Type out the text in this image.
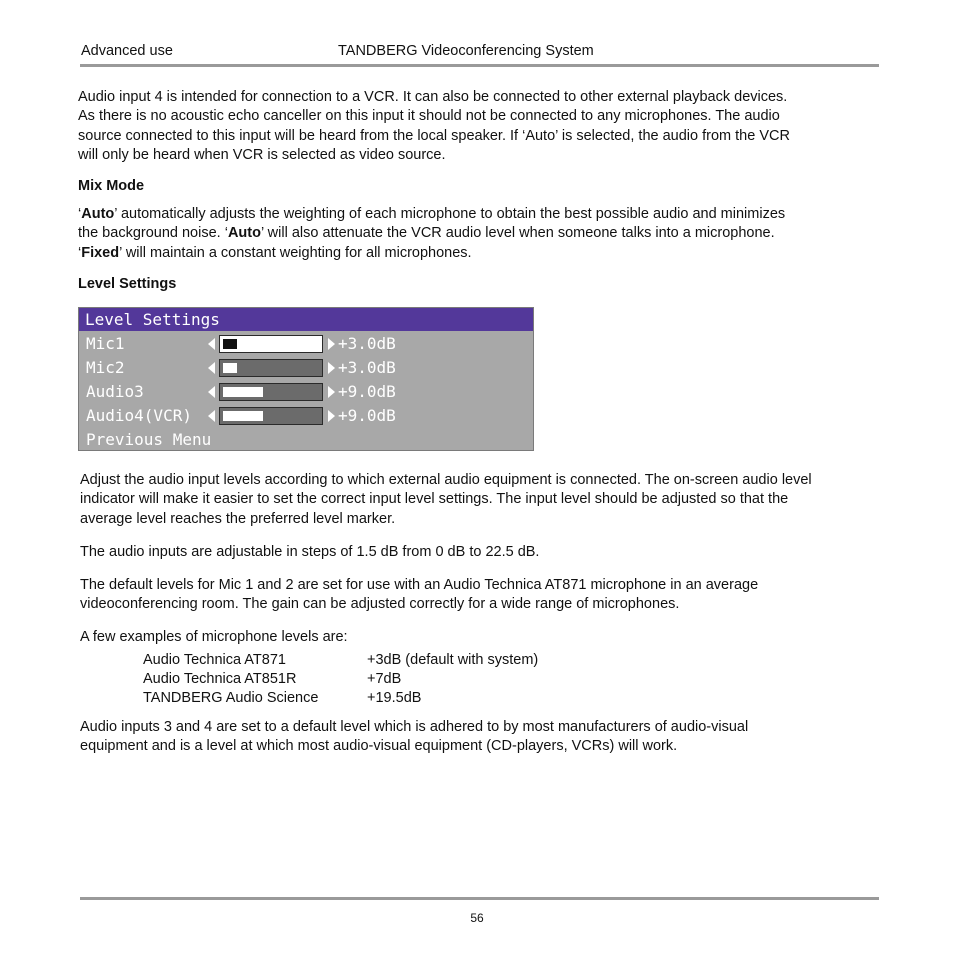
Advanced use	TANDBERG Videoconferencing System
Audio input 4 is intended for connection to a VCR. It can also be connected to other external playback devices.
As there is no acoustic echo canceller on this input it should not be connected to any microphones. The audio
source connected to this input will be heard from the local speaker. If ‘Auto’ is selected, the audio from the VCR
will only be heard when VCR is selected as video source.
Mix Mode
‘Auto’ automatically adjusts the weighting of each microphone to obtain the best possible audio and minimizes
the background noise. ‘Auto’ will also attenuate the VCR audio level when someone talks into a microphone.
‘Fixed’ will maintain a constant weighting for all microphones.
Level Settings
Level Settings
Mic1	+3.0dB
Mic2	+3.0dB
Audio3	+9.0dB
Audio4(VCR)	+9.0dB
Previous Menu
Adjust the audio input levels according to which external audio equipment is connected. The on-screen audio level
indicator will make it easier to set the correct input level settings. The input level should be adjusted so that the
average level reaches the preferred level marker.
The audio inputs are adjustable in steps of 1.5 dB from 0 dB to 22.5 dB.
The default levels for Mic 1 and 2 are set for use with an Audio Technica AT871 microphone in an average
videoconferencing room. The gain can be adjusted correctly for a wide range of microphones.
A few examples of microphone levels are:
Audio Technica AT871	+3dB (default with system)
Audio Technica AT851R	+7dB
TANDBERG Audio Science	+19.5dB
Audio inputs 3 and 4 are set to a default level which is adhered to by most manufacturers of audio-visual
equipment and is a level at which most audio-visual equipment (CD-players, VCRs) will work.
56
